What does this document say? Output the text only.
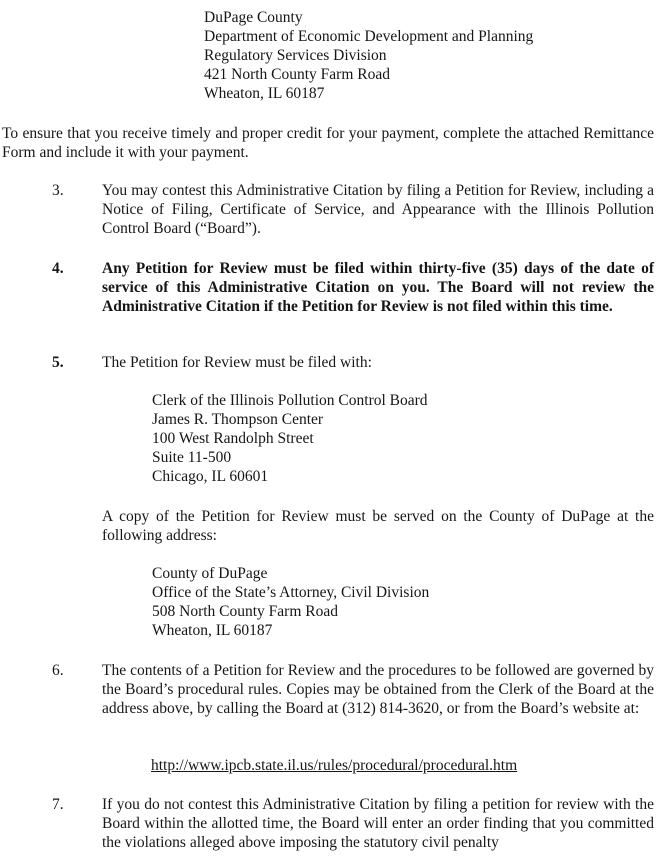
DuPage County
Department of Economic Development and Planning
Regulatory Services Division
421 North County Farm Road
Wheaton, IL 60187
To ensure that you receive timely and proper credit for your payment, complete the attached Remittance Form and include it with your payment.
3. You may contest this Administrative Citation by filing a Petition for Review, including a Notice of Filing, Certificate of Service, and Appearance with the Illinois Pollution Control Board (“Board”).
4. Any Petition for Review must be filed within thirty-five (35) days of the date of service of this Administrative Citation on you. The Board will not review the Administrative Citation if the Petition for Review is not filed within this time.
5. The Petition for Review must be filed with:
Clerk of the Illinois Pollution Control Board
James R. Thompson Center
100 West Randolph Street
Suite 11-500
Chicago, IL 60601
A copy of the Petition for Review must be served on the County of DuPage at the following address:
County of DuPage
Office of the State’s Attorney, Civil Division
508 North County Farm Road
Wheaton, IL 60187
6. The contents of a Petition for Review and the procedures to be followed are governed by the Board’s procedural rules. Copies may be obtained from the Clerk of the Board at the address above, by calling the Board at (312) 814-3620, or from the Board’s website at:
http://www.ipcb.state.il.us/rules/procedural/procedural.htm
7. If you do not contest this Administrative Citation by filing a petition for review with the Board within the allotted time, the Board will enter an order finding that you committed the violations alleged above imposing the statutory civil penalty
